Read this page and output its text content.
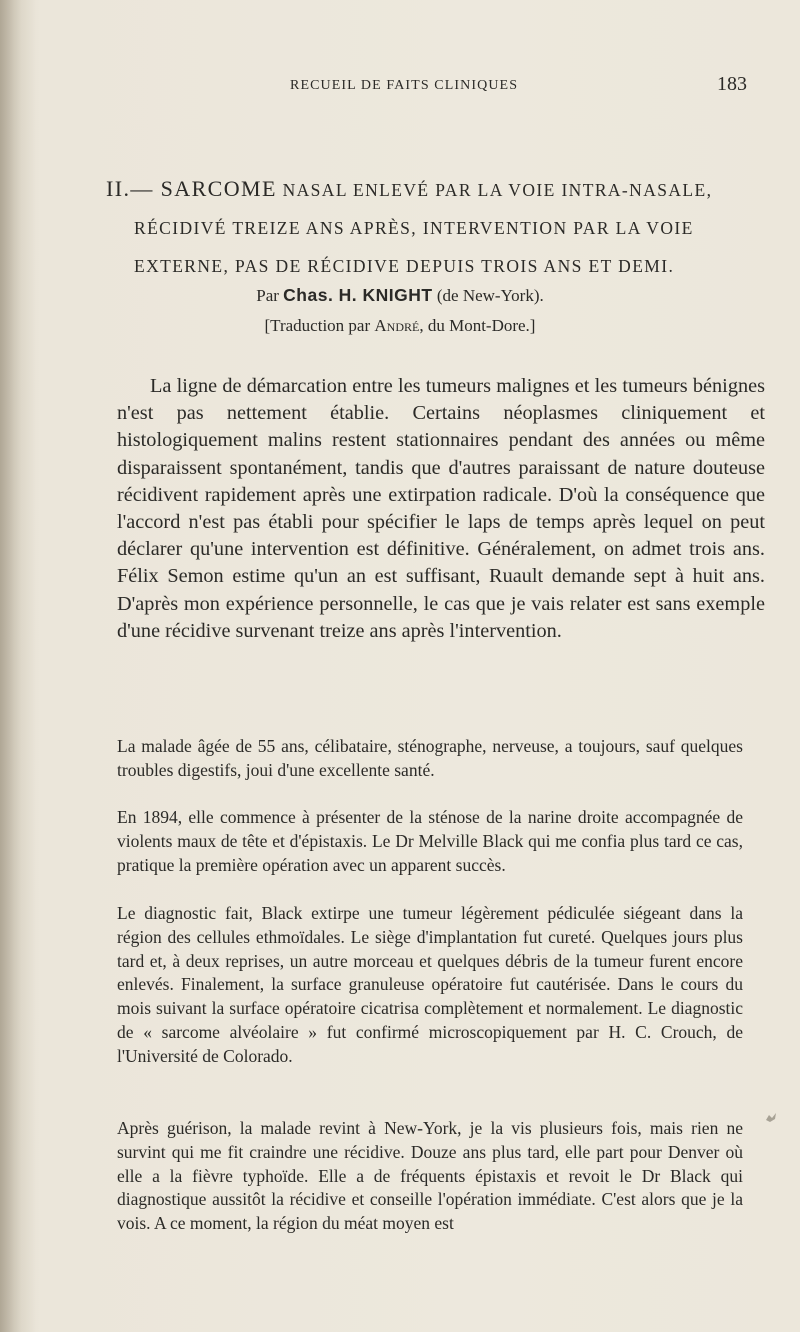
RECUEIL DE FAITS CLINIQUES	183
II.— SARCOME NASAL ENLEVÉ PAR LA VOIE INTRA-NASALE,
RÉCIDIVÉ TREIZE ANS APRÈS, INTERVENTION PAR LA VOIE
EXTERNE, PAS DE RÉCIDIVE DEPUIS TROIS ANS ET DEMI.
Par Chas. H. KNIGHT (de New-York).
[Traduction par André, du Mont-Dore.]

La ligne de démarcation entre les tumeurs malignes et les tumeurs bénignes n'est pas nettement établie. Certains néoplasmes cliniquement et histologiquement malins restent stationnaires pendant des années ou même disparaissent spontanément, tandis que d'autres paraissant de nature douteuse récidivent rapidement après une extirpation radicale. D'où la conséquence que l'accord n'est pas établi pour spécifier le laps de temps après lequel on peut déclarer qu'une intervention est définitive. Généralement, on admet trois ans. Félix Semon estime qu'un an est suffisant, Ruault demande sept à huit ans. D'après mon expérience personnelle, le cas que je vais relater est sans exemple d'une récidive survenant treize ans après l'intervention.

La malade âgée de 55 ans, célibataire, sténographe, nerveuse, a toujours, sauf quelques troubles digestifs, joui d'une excellente santé.

En 1894, elle commence à présenter de la sténose de la narine droite accompagnée de violents maux de tête et d'épistaxis. Le Dr Melville Black qui me confia plus tard ce cas, pratique la première opération avec un apparent succès.

Le diagnostic fait, Black extirpe une tumeur légèrement pédiculée siégeant dans la région des cellules ethmoïdales. Le siège d'implantation fut cureté. Quelques jours plus tard et, à deux reprises, un autre morceau et quelques débris de la tumeur furent encore enlevés. Finalement, la surface granuleuse opératoire fut cautérisée. Dans le cours du mois suivant la surface opératoire cicatrisa complètement et normalement. Le diagnostic de « sarcome alvéolaire » fut confirmé microscopiquement par H. C. Crouch, de l'Université de Colorado.

Après guérison, la malade revint à New-York, je la vis plusieurs fois, mais rien ne survint qui me fit craindre une récidive. Douze ans plus tard, elle part pour Denver où elle a la fièvre typhoïde. Elle a de fréquents épistaxis et revoit le Dr Black qui diagnostique aussitôt la récidive et conseille l'opération immédiate. C'est alors que je la vois. A ce moment, la région du méat moyen est
